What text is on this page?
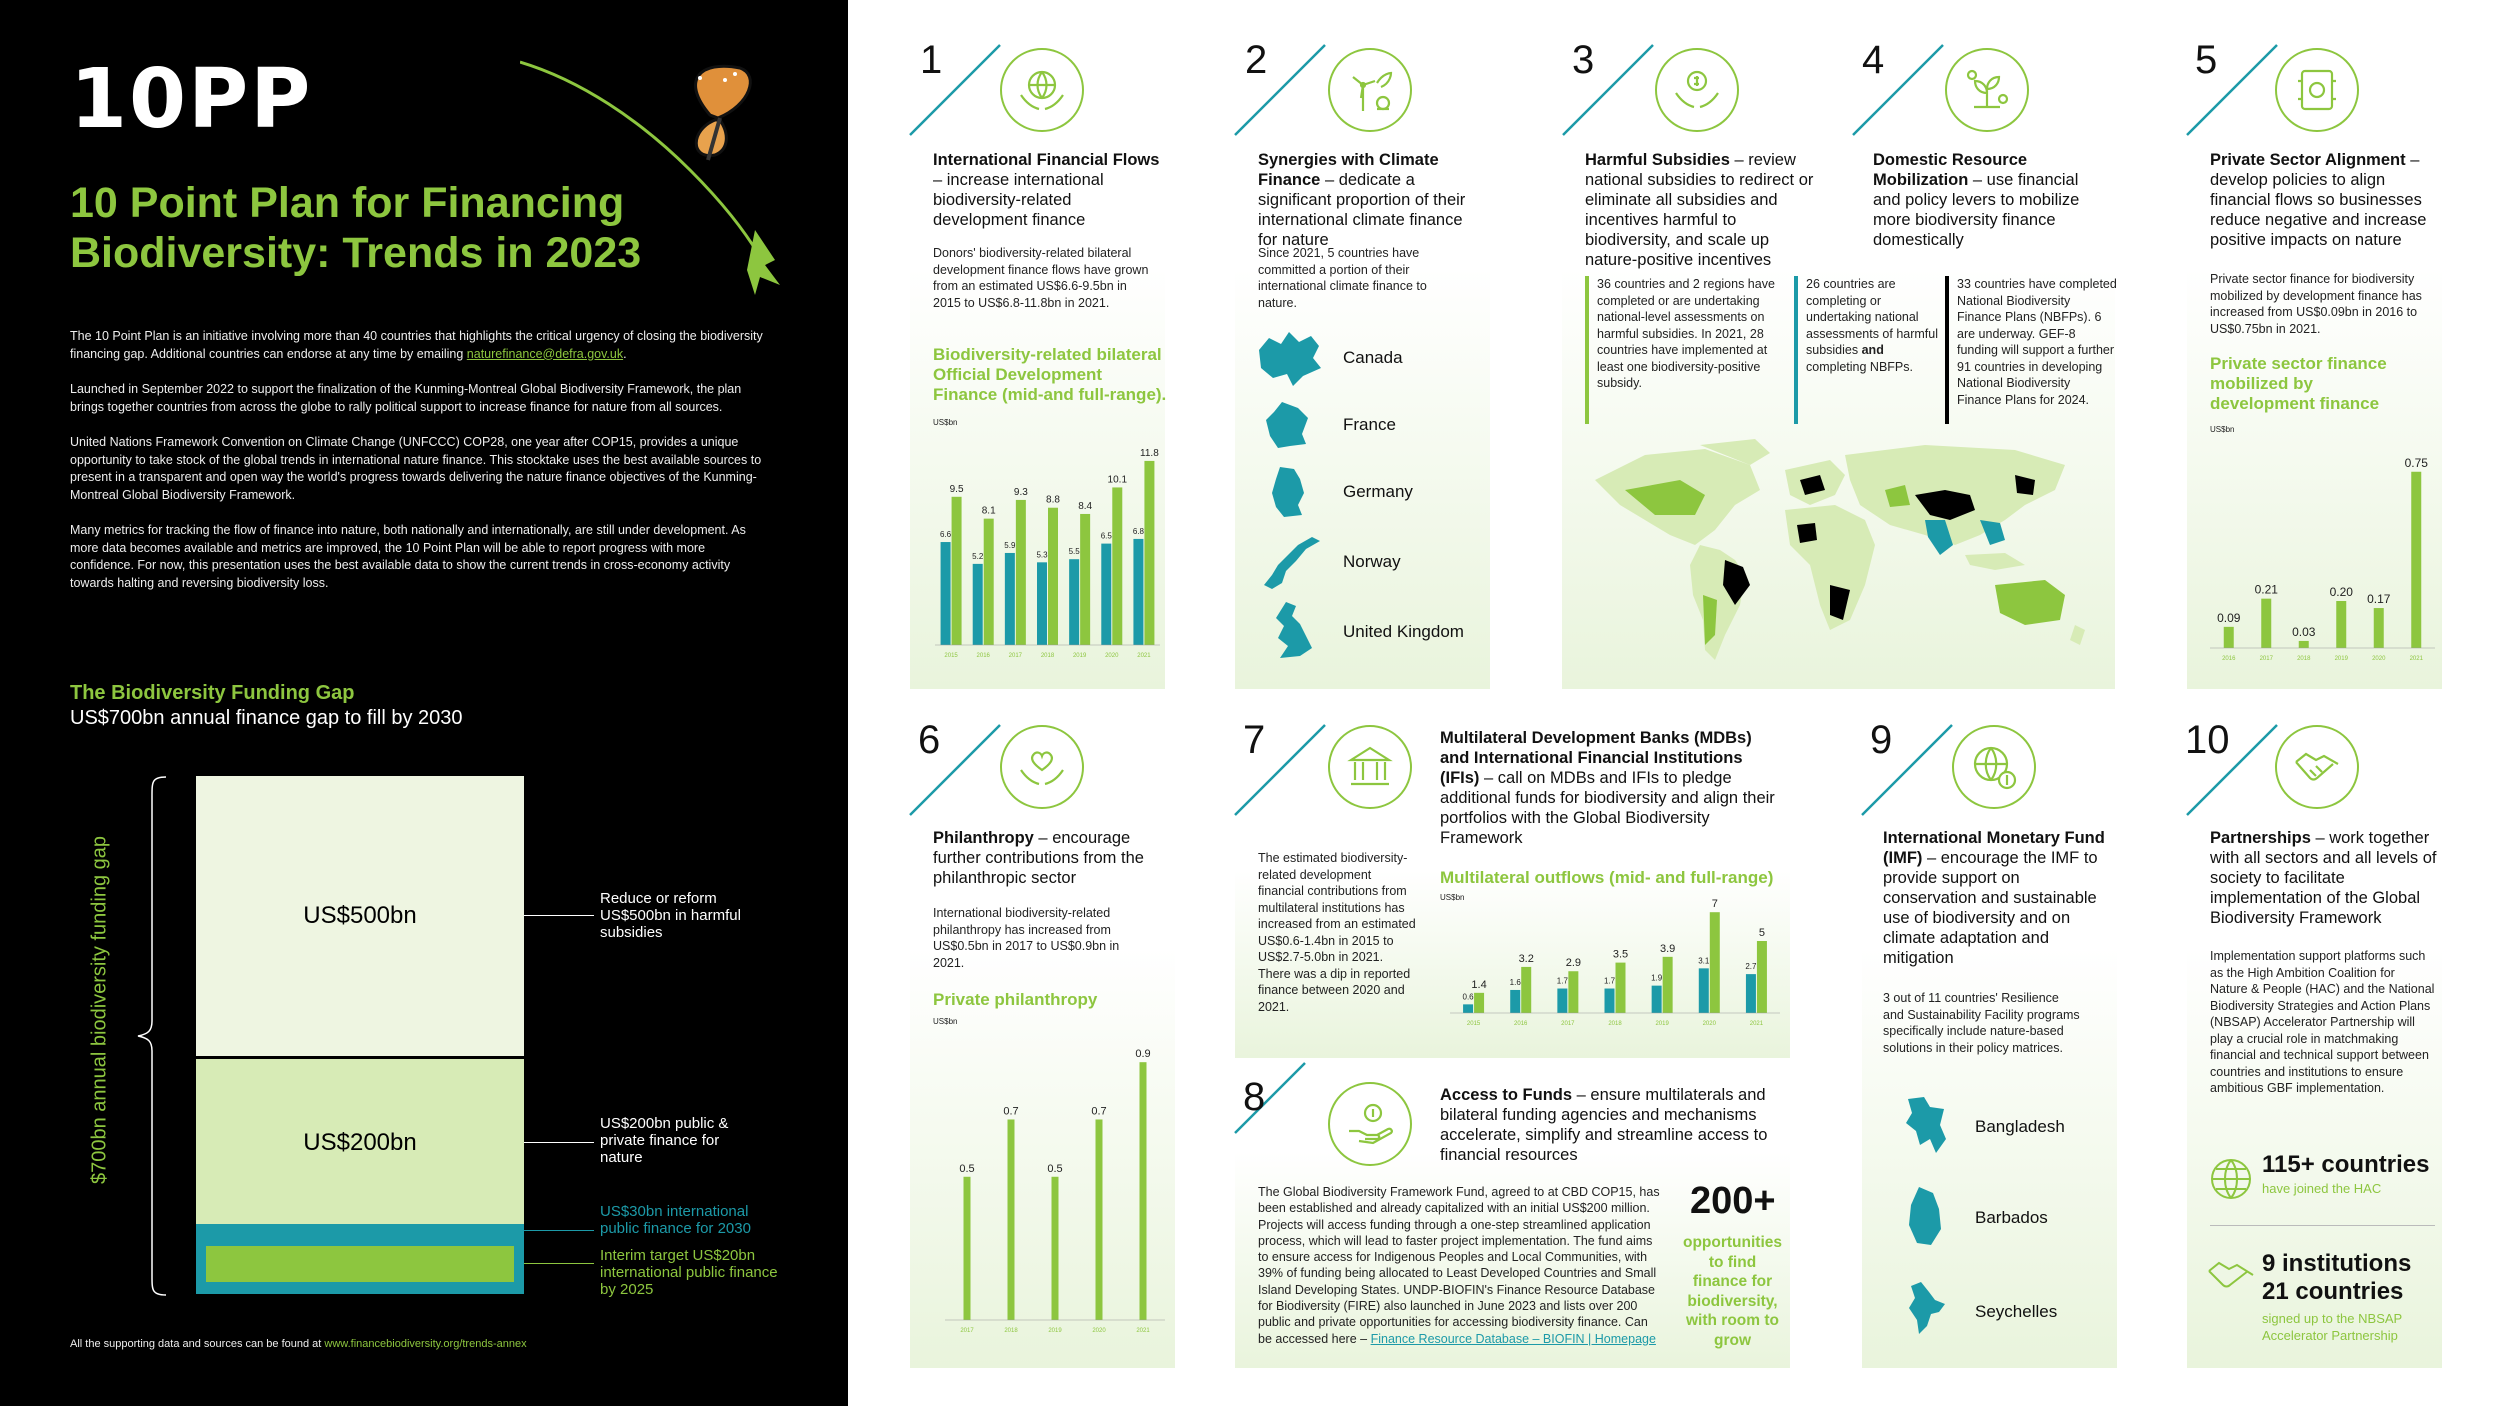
10PP
10 Point Plan for Financing Biodiversity: Trends in 2023

The 10 Point Plan is an initiative involving more than 40 countries that highlights the critical urgency of closing the biodiversity financing gap. Additional countries can endorse at any time by emailing naturefinance@defra.gov.uk.

Launched in September 2022 to support the finalization of the Kunming-Montreal Global Biodiversity Framework, the plan brings together countries from across the globe to rally political support to increase finance for nature from all sources.

United Nations Framework Convention on Climate Change (UNFCCC) COP28, one year after COP15, provides a unique opportunity to take stock of the global trends in international nature finance. This stocktake uses the best available sources to present in a transparent and open way the world's progress towards delivering the nature finance objectives of the Kunming-Montreal Global Biodiversity Framework.

Many metrics for tracking the flow of finance into nature, both nationally and internationally, are still under development. As more data becomes available and metrics are improved, the 10 Point Plan will be able to report progress with more confidence. For now, this presentation uses the best available data to show the current trends in cross-economy activity towards halting and reversing biodiversity loss.

The Biodiversity Funding Gap
US$700bn annual finance gap to fill by 2030
$700bn annual biodiversity funding gap	US$500bn
US$200bn
Reduce or reform US$500bn in harmful subsidies
US$200bn public & private finance for nature
US$30bn international public finance for 2030
Interim target US$20bn international public finance by 2025
All the supporting data and sources can be found at www.financebiodiversity.org/trends-annex
1
International Financial Flows – increase international biodiversity-related development finance
Donors' biodiversity-related bilateral development finance flows have grown from an estimated US$6.6-9.5bn in 2015 to US$6.8-11.8bn in 2021.
Biodiversity-related bilateral Official Development Finance (mid-and full-range).
US$bn
6.6
9.5
2015
5.2
8.1
2016
5.9
9.3
2017
5.3
8.8
2018
5.5
8.4
2019
6.5
10.1
2020
6.8
11.8
2021
2
Synergies with Climate Finance – dedicate a significant proportion of their international climate finance for nature
Since 2021, 5 countries have committed a portion of their international climate finance to nature.
Canada
France
Germany
Norway
United Kingdom
3
Harmful Subsidies – review national subsidies to redirect or eliminate all subsidies and incentives harmful to biodiversity, and scale up nature-positive incentives
36 countries and 2 regions have completed or are undertaking national-level assessments on harmful subsidies. In 2021, 28 countries have implemented at least one biodiversity-positive subsidy.
4
Domestic Resource Mobilization – use financial and policy levers to mobilize more biodiversity finance domestically
26 countries are completing or undertaking national assessments of harmful subsidies and completing NBFPs.
33 countries have completed National Biodiversity Finance Plans (NBFPs). 6 are underway. GEF-8 funding will support a further 91 countries in developing National Biodiversity Finance Plans for 2024.
5
Private Sector Alignment – develop policies to align financial flows so businesses reduce negative and increase positive impacts on nature
Private sector finance for biodiversity mobilized by development finance has increased from US$0.09bn in 2016 to US$0.75bn in 2021.
Private sector finance mobilized by development finance
US$bn
0.09
2016
0.21
2017
0.03
2018
0.20
2019
0.17
2020
0.75
2021
6
Philanthropy – encourage further contributions from the philanthropic sector
International biodiversity-related philanthropy has increased from US$0.5bn in 2017 to US$0.9bn in 2021.
Private philanthropy
US$bn
0.5
2017
0.7
2018
0.5
2019
0.7
2020
0.9
2021
7	Multilateral Development Banks (MDBs) and International Financial Institutions (IFIs) – call on MDBs and IFIs to pledge additional funds for biodiversity and align their portfolios with the Global Biodiversity Framework
The estimated biodiversity-related development financial contributions from multilateral institutions has increased from an estimated US$0.6-1.4bn in 2015 to US$2.7-5.0bn in 2021. There was a dip in reported finance between 2020 and 2021.
Multilateral outflows (mid- and full-range)
US$bn
0.6
1.4
2015
1.6
3.2
2016
1.7
2.9
2017
1.7
3.5
2018
1.9
3.9
2019
3.1
7
2020
2.7
5
2021
8	Access to Funds – ensure multilaterals and bilateral funding agencies and mechanisms accelerate, simplify and streamline access to financial resources
The Global Biodiversity Framework Fund, agreed to at CBD COP15, has been established and already capitalized with an initial US$200 million. Projects will access funding through a one-step streamlined application process, which will lead to faster project implementation. The fund aims to ensure access for Indigenous Peoples and Local Communities, with 39% of funding being allocated to Least Developed Countries and Small Island Developing States. UNDP-BIOFIN's Finance Resource Database for Biodiversity (FIRE) also launched in June 2023 and lists over 200 public and private opportunities for accessing biodiversity finance. Can be accessed here – Finance Resource Database – BIOFIN | Homepage
200+
opportunities to find finance for biodiversity, with room to grow
9
International Monetary Fund (IMF) – encourage the IMF to provide support on conservation and sustainable use of biodiversity and on climate adaptation and mitigation
3 out of 11 countries' Resilience and Sustainability Facility programs specifically include nature-based solutions in their policy matrices.
Bangladesh
Barbados
Seychelles
10
Partnerships – work together with all sectors and all levels of society to facilitate implementation of the Global Biodiversity Framework
Implementation support platforms such as the High Ambition Coalition for Nature & People (HAC) and the National Biodiversity Strategies and Action Plans (NBSAP) Accelerator Partnership will play a crucial role in matchmaking financial and technical support between countries and institutions to ensure ambitious GBF implementation.
115+ countries
have joined the HAC
9 institutions
21 countries
signed up to the NBSAP Accelerator Partnership
